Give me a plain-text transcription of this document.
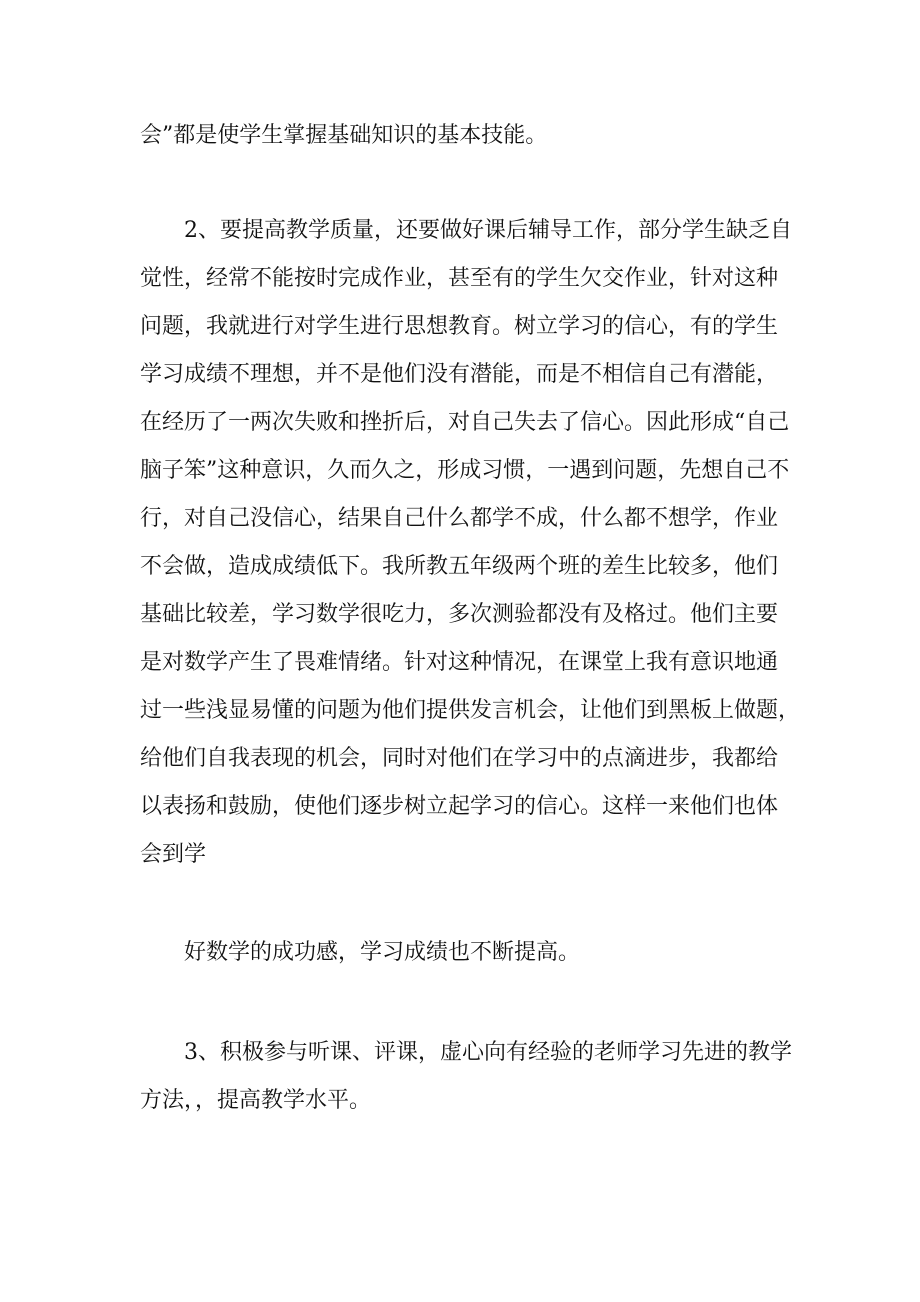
会”都是使学生掌握基础知识的基本技能。
2、要提高教学质量，还要做好课后辅导工作，部分学生缺乏自
觉性，经常不能按时完成作业，甚至有的学生欠交作业，针对这种
问题，我就进行对学生进行思想教育。树立学习的信心，有的学生
学习成绩不理想，并不是他们没有潜能，而是不相信自己有潜能，
在经历了一两次失败和挫折后，对自己失去了信心。因此形成“自己
脑子笨”这种意识，久而久之，形成习惯，一遇到问题，先想自己不
行，对自己没信心，结果自己什么都学不成，什么都不想学，作业
不会做，造成成绩低下。我所教五年级两个班的差生比较多，他们
基础比较差，学习数学很吃力，多次测验都没有及格过。他们主要
是对数学产生了畏难情绪。针对这种情况，在课堂上我有意识地通
过一些浅显易懂的问题为他们提供发言机会，让他们到黑板上做题，
给他们自我表现的机会，同时对他们在学习中的点滴进步，我都给
以表扬和鼓励，使他们逐步树立起学习的信心。这样一来他们也体
会到学
好数学的成功感，学习成绩也不断提高。
3、积极参与听课、评课，虚心向有经验的老师学习先进的教学
方法，，提高教学水平。
